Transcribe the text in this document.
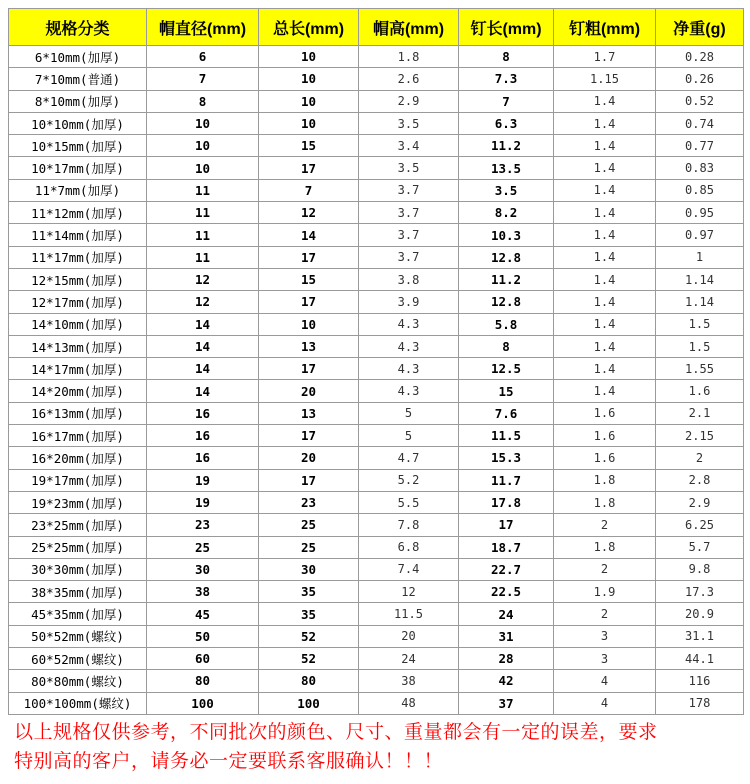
规格分类	帽直径(mm)	总长(mm)	帽高(mm)	钉长(mm)	钉粗(mm)	净重(g)
6*10mm(加厚)	6	10	1.8	8	1.7	0.28
7*10mm(普通)	7	10	2.6	7.3	1.15	0.26
8*10mm(加厚)	8	10	2.9	7	1.4	0.52
10*10mm(加厚)	10	10	3.5	6.3	1.4	0.74
10*15mm(加厚)	10	15	3.4	11.2	1.4	0.77
10*17mm(加厚)	10	17	3.5	13.5	1.4	0.83
11*7mm(加厚)	11	7	3.7	3.5	1.4	0.85
11*12mm(加厚)	11	12	3.7	8.2	1.4	0.95
11*14mm(加厚)	11	14	3.7	10.3	1.4	0.97
11*17mm(加厚)	11	17	3.7	12.8	1.4	1
12*15mm(加厚)	12	15	3.8	11.2	1.4	1.14
12*17mm(加厚)	12	17	3.9	12.8	1.4	1.14
14*10mm(加厚)	14	10	4.3	5.8	1.4	1.5
14*13mm(加厚)	14	13	4.3	8	1.4	1.5
14*17mm(加厚)	14	17	4.3	12.5	1.4	1.55
14*20mm(加厚)	14	20	4.3	15	1.4	1.6
16*13mm(加厚)	16	13	5	7.6	1.6	2.1
16*17mm(加厚)	16	17	5	11.5	1.6	2.15
16*20mm(加厚)	16	20	4.7	15.3	1.6	2
19*17mm(加厚)	19	17	5.2	11.7	1.8	2.8
19*23mm(加厚)	19	23	5.5	17.8	1.8	2.9
23*25mm(加厚)	23	25	7.8	17	2	6.25
25*25mm(加厚)	25	25	6.8	18.7	1.8	5.7
30*30mm(加厚)	30	30	7.4	22.7	2	9.8
38*35mm(加厚)	38	35	12	22.5	1.9	17.3
45*35mm(加厚)	45	35	11.5	24	2	20.9
50*52mm(螺纹)	50	52	20	31	3	31.1
60*52mm(螺纹)	60	52	24	28	3	44.1
80*80mm(螺纹)	80	80	38	42	4	116
100*100mm(螺纹)	100	100	48	37	4	178
以上规格仅供参考，不同批次的颜色、尺寸、重量都会有一定的误差，要求
特别高的客户，请务必一定要联系客服确认！！！
